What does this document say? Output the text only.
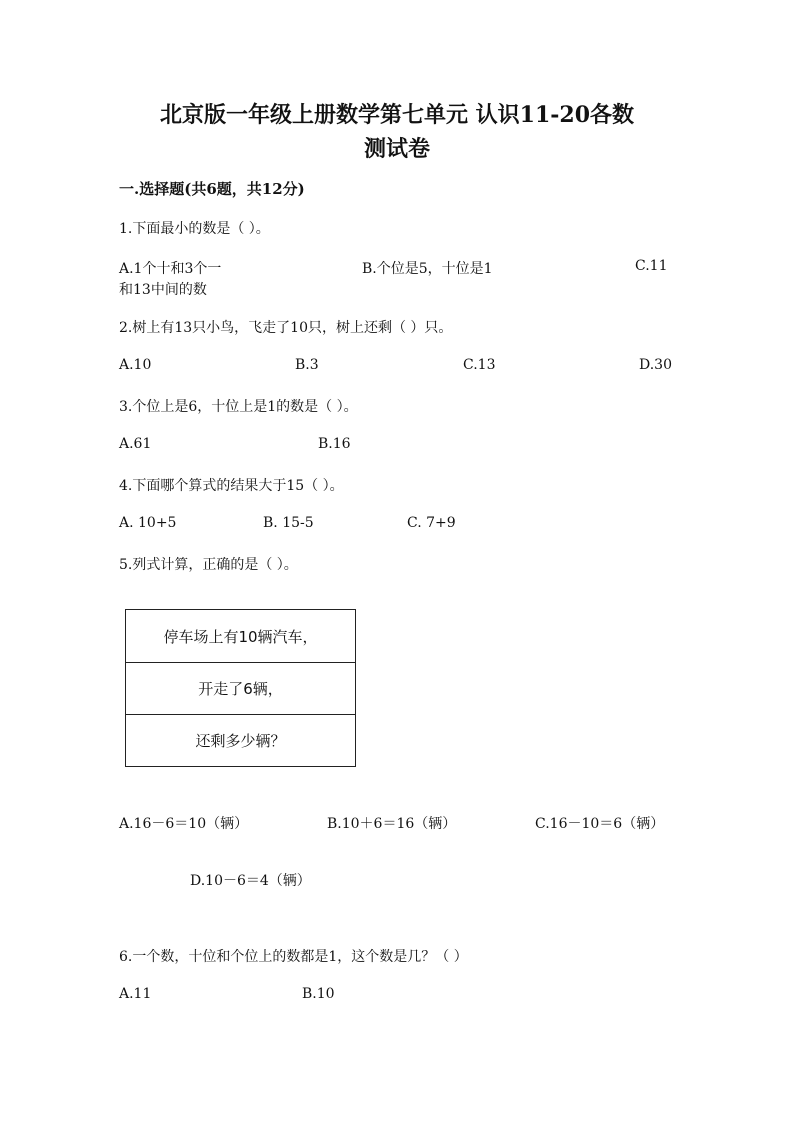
北京版一年级上册数学第七单元 认识11-20各数
测试卷
一.选择题(共6题，共12分)
1.下面最小的数是（ ）。
A.1个十和3个一
和13中间的数
B.个位是5，十位是1	C.11
2.树上有13只小鸟，飞走了10只，树上还剩（ ）只。
A.10	B.3	C.13	D.30
3.个位上是6，十位上是1的数是（ ）。
A.61	B.16
4.下面哪个算式的结果大于15（ ）。
A. 10+5	B. 15-5	C. 7+9
5.列式计算，正确的是（ ）。
停车场上有10辆汽车，
开走了6辆，
还剩多少辆？
A.16－6＝10（辆）	B.10＋6＝16（辆）	C.16－10＝6（辆）
D.10－6＝4（辆）
6.一个数，十位和个位上的数都是1，这个数是几？（ ）
A.11	B.10
